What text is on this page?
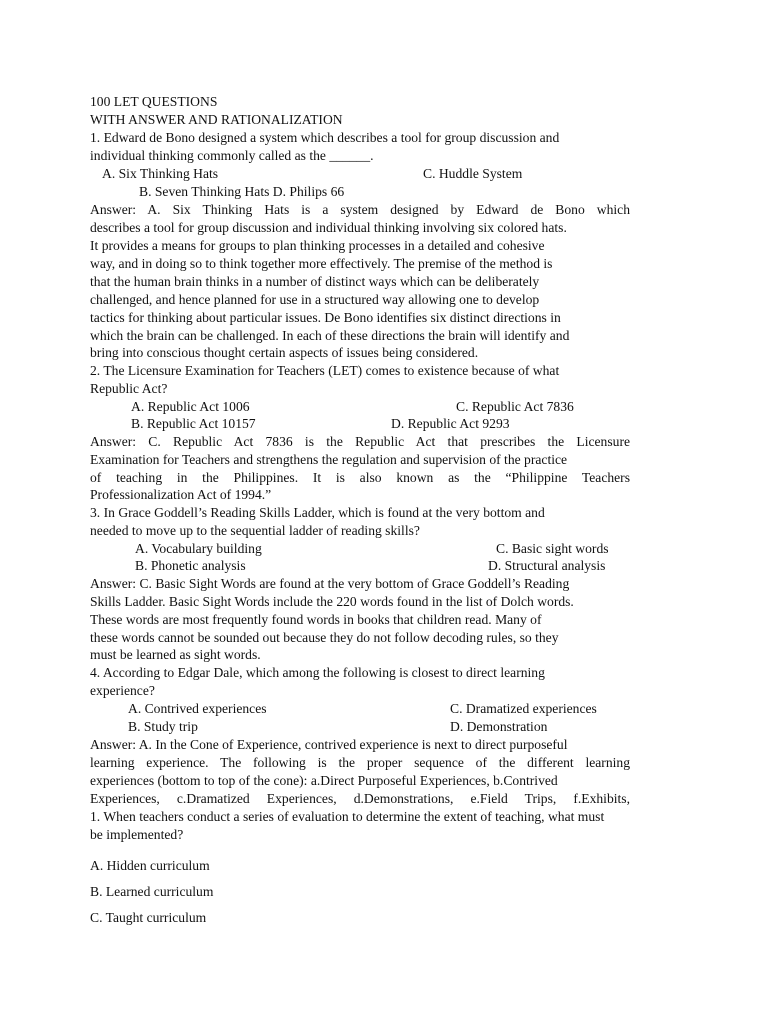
100 LET QUESTIONS
WITH ANSWER AND RATIONALIZATION
1. Edward de Bono designed a system which describes a tool for group discussion and
individual thinking commonly called as the ______.
A. Six Thinking Hats	C. Huddle System
B. Seven Thinking Hats D. Philips 66
Answer: A. Six Thinking Hats is a system designed by Edward de Bono which
describes a tool for group discussion and individual thinking involving six colored hats.
It provides a means for groups to plan thinking processes in a detailed and cohesive
way, and in doing so to think together more effectively. The premise of the method is
that the human brain thinks in a number of distinct ways which can be deliberately
challenged, and hence planned for use in a structured way allowing one to develop
tactics for thinking about particular issues. De Bono identifies six distinct directions in
which the brain can be challenged. In each of these directions the brain will identify and
bring into conscious thought certain aspects of issues being considered.
2. The Licensure Examination for Teachers (LET) comes to existence because of what
Republic Act?
A. Republic Act 1006	C. Republic Act 7836
B. Republic Act 10157	D. Republic Act 9293
Answer: C. Republic Act 7836 is the Republic Act that prescribes the Licensure
Examination for Teachers and strengthens the regulation and supervision of the practice
of teaching in the Philippines. It is also known as the “Philippine Teachers
Professionalization Act of 1994.”
3. In Grace Goddell’s Reading Skills Ladder, which is found at the very bottom and
needed to move up to the sequential ladder of reading skills?
A. Vocabulary building	C. Basic sight words
B. Phonetic analysis	D. Structural analysis
Answer: C. Basic Sight Words are found at the very bottom of Grace Goddell’s Reading
Skills Ladder. Basic Sight Words include the 220 words found in the list of Dolch words.
These words are most frequently found words in books that children read. Many of
these words cannot be sounded out because they do not follow decoding rules, so they
must be learned as sight words.
4. According to Edgar Dale, which among the following is closest to direct learning
experience?
A. Contrived experiences	C. Dramatized experiences
B. Study trip	D. Demonstration
Answer: A. In the Cone of Experience, contrived experience is next to direct purposeful
learning experience. The following is the proper sequence of the different learning
experiences (bottom to top of the cone): a.Direct Purposeful Experiences, b.Contrived
Experiences, c.Dramatized Experiences, d.Demonstrations, e.Field Trips, f.Exhibits,
1. When teachers conduct a series of evaluation to determine the extent of teaching, what must
be implemented?
A. Hidden curriculum
B. Learned curriculum
C. Taught curriculum
